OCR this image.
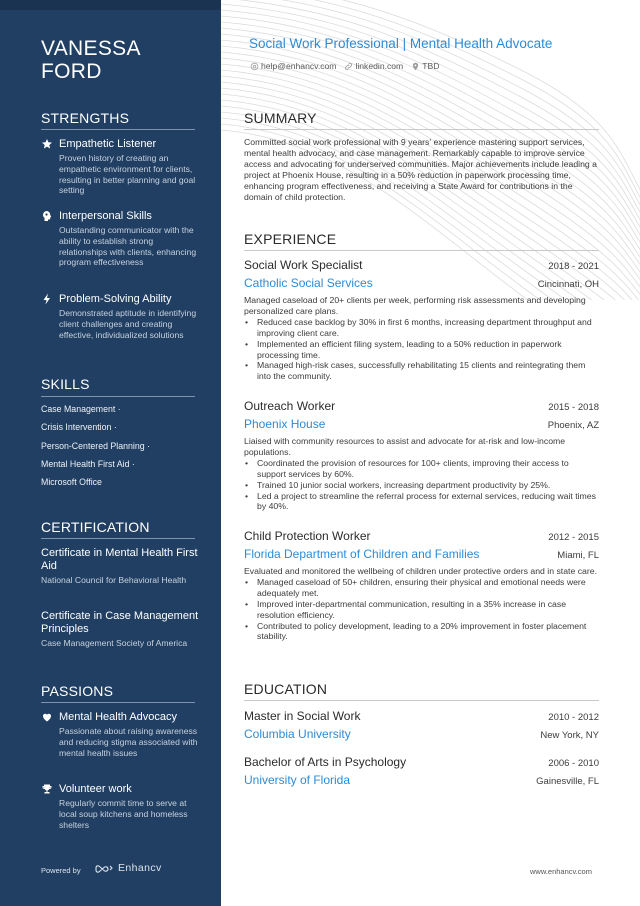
VANESSA FORD
STRENGTHS
Empathetic Listener
Proven history of creating an empathetic environment for clients, resulting in better planning and goal setting
Interpersonal Skills
Outstanding communicator with the ability to establish strong relationships with clients, enhancing program effectiveness
Problem-Solving Ability
Demonstrated aptitude in identifying client challenges and creating effective, individualized solutions
SKILLS
Case Management ·
Crisis Intervention ·
Person-Centered Planning ·
Mental Health First Aid ·
Microsoft Office
CERTIFICATION
Certificate in Mental Health First Aid
National Council for Behavioral Health
Certificate in Case Management Principles
Case Management Society of America
PASSIONS
Mental Health Advocacy
Passionate about raising awareness and reducing stigma associated with mental health issues
Volunteer work
Regularly commit time to serve at local soup kitchens and homeless shelters
Powered by	Enhancv
Social Work Professional | Mental Health Advocate
help@enhancv.com linkedin.com TBD
SUMMARY
Committed social work professional with 9 years' experience mastering support services, mental health advocacy, and case management. Remarkably capable to improve service access and advocating for underserved communities. Major achievements include leading a project at Phoenix House, resulting in a 50% reduction in paperwork processing time, enhancing program effectiveness, and receiving a State Award for contributions in the domain of child protection.
EXPERIENCE
Social Work Specialist	2018 - 2021
Catholic Social Services	Cincinnati, OH
Managed caseload of 20+ clients per week, performing risk assessments and developing personalized care plans.
• Reduced case backlog by 30% in first 6 months, increasing department throughput and improving client care.
• Implemented an efficient filing system, leading to a 50% reduction in paperwork processing time.
• Managed high-risk cases, successfully rehabilitating 15 clients and reintegrating them into the community.
Outreach Worker	2015 - 2018
Phoenix House	Phoenix, AZ
Liaised with community resources to assist and advocate for at-risk and low-income populations.
• Coordinated the provision of resources for 100+ clients, improving their access to support services by 60%.
• Trained 10 junior social workers, increasing department productivity by 25%.
• Led a project to streamline the referral process for external services, reducing wait times by 40%.
Child Protection Worker	2012 - 2015
Florida Department of Children and Families	Miami, FL
Evaluated and monitored the wellbeing of children under protective orders and in state care.
• Managed caseload of 50+ children, ensuring their physical and emotional needs were adequately met.
• Improved inter-departmental communication, resulting in a 35% increase in case resolution efficiency.
• Contributed to policy development, leading to a 20% improvement in foster placement stability.
EDUCATION
Master in Social Work	2010 - 2012
Columbia University	New York, NY
Bachelor of Arts in Psychology	2006 - 2010
University of Florida	Gainesville, FL
www.enhancv.com
